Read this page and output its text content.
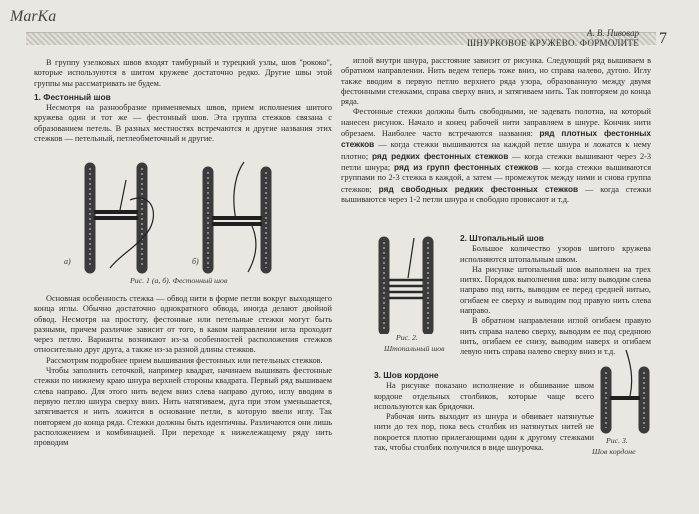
MarKa
А. В. Пивовар
ШНУРКОВОЕ КРУЖЕВО. ФОРМОЛИТЕ 7

В группу узелковых швов входят тамбурный и турецкий узлы, шов "рококо", которые используются в шитом кружеве достаточно редко. Другие швы этой группы мы рассматривать не будем.

1. Фестонный шов

Несмотря на разнообразие применяемых швов, прием исполнения шитого кружева один и тот же — фестонный шов. Эта группа стежков связана с образованием петель. В разных местностях встречаются и другие названия этих стежков — петельный, петлеобметочный и другие.

а)	б)
Рис. 1 (а, б). Фестонный шов

Основная особенность стежка — обвод нити в форме петли вокруг выходящего конца иглы. Обычно достаточно однократного обвода, иногда делают двойной обвод. Несмотря на простоту, фестонные или петельные стежки могут быть разными, причем различие зависит от того, в каком направлении игла проходит через петлю. Варианты возникают из-за особенностей расположения стежков относительно друг друга, а также из-за разной длины стежков.

Рассмотрим подробнее прием вышивания фестонных или петельных стежков.

Чтобы заполнить сеточкой, например квадрат, начинаем вышивать фестонные стежки по нижнему краю шнура верхней стороны квадрата. Первый ряд вышиваем слева направо. Для этого нить ведем вниз слева направо дугою, иглу вводим в первую петлю шнура сверху вниз. Нить натягиваем, дуга при этом уменьшается, затягивается и нить ложится в основание петли, в которую ввели иглу. Так повторяем до конца ряда. Стежки должны быть идентичны. Различаются они лишь расположением и комбинацией. При переходе к нижележащему ряду нить проводим

иглой внутри шнура, расстояние зависит от рисунка. Следующий ряд вышиваем в обратном направлении. Нить ведем теперь тоже вниз, но справа налево, дугою. Иглу также вводим в первую петлю верхнего ряда узора, образованную между двумя фестонными стежками, справа сверху вниз, и затягиваем нить. Так повторяем до конца ряда.

Фестонные стежки должны быть свободными, не задевать полотна, на который нанесен рисунок. Начало и конец рабочей нити заправляем в шнуре. Кончик нити обрезаем. Наиболее часто встречаются названия: ряд плотных фестонных стежков — когда стежки вышиваются на каждой петле шнура и ложатся к нему плотно; ряд редких фестонных стежков — когда стежки вышивают через 2-3 петли шнура; ряд из групп фестонных стежков — когда стежки вышиваются группами по 2-3 стежка в каждой, а затем — промежуток между ними и снова группа стежков; ряд свободных редких фестонных стежков — когда стежки вышиваются через 1-2 петли шнура и свободно провисают и т.д.

Рис. 2.
Штопальный шов

2. Штопальный шов

Большое количество узоров шитого кружева исполняются штопальным швом.

На рисунке штопальный шов выполнен на трех нитях. Порядок выполнения шва: иглу выводим слева направо под нить, выводим ее перед средней нитью, огибаем ее сверху и выводим под правую нить слева направо.

В обратном направлении иглой огибаем правую нить справа налево сверху, выводим ее под среднюю нить, огибаем ее снизу, выводим наверх и огибаем левую нить справа налево сверху вниз и т.д.

3. Шов кордоне

На рисунке показано исполнение и обшивание швом кордоне отдельных столбиков, которые чаще всего используются как бридочки.

Рабочая нить выходит из шнура и обвивает натянутые нити до тех пор, пока весь столбик из натянутых нитей не покроется плотно прилегающими один к другому стежками так, чтобы столбик получился в виде шнурочка.

Рис. 3.
Шов кордоне
